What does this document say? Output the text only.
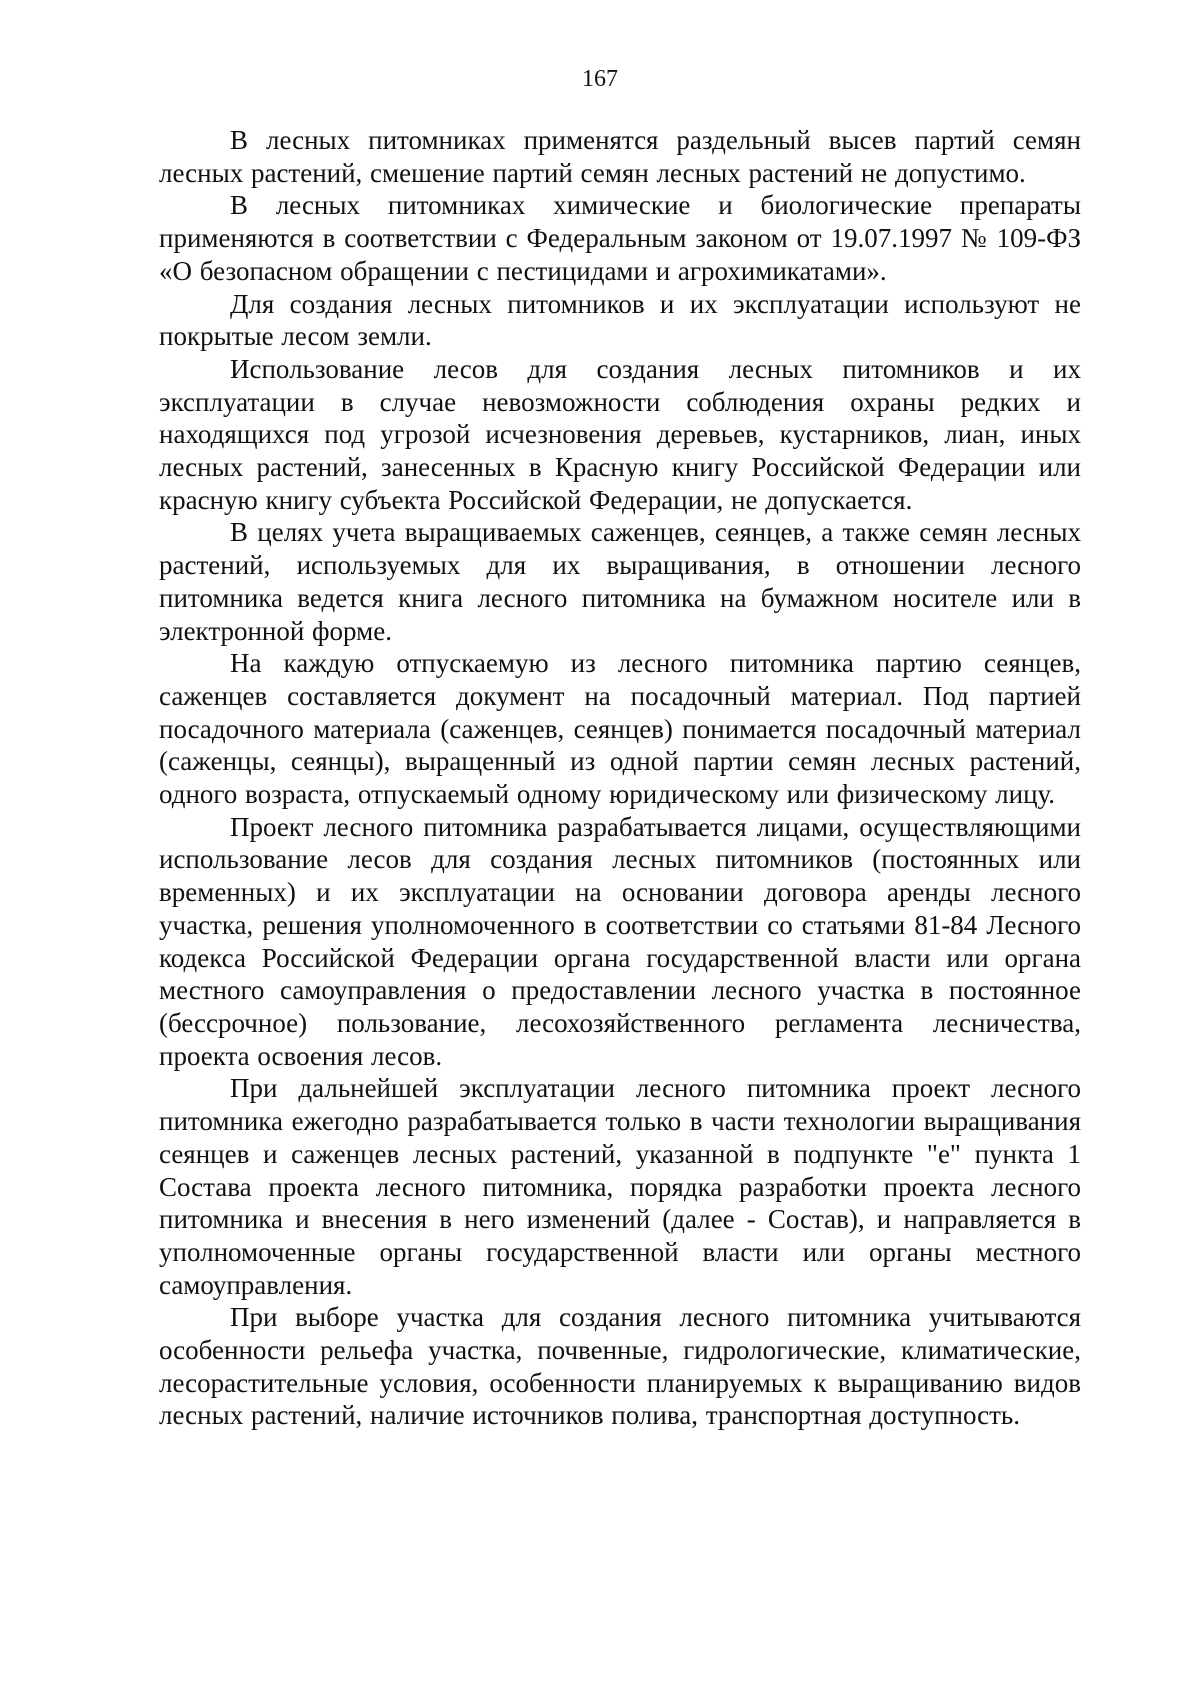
167

В лесных питомниках применятся раздельный высев партий семян лесных растений, смешение партий семян лесных растений не допустимо.

В лесных питомниках химические и биологические препараты применяются в соответствии с Федеральным законом от 19.07.1997 № 109-ФЗ «О безопасном обращении с пестицидами и агрохимикатами».

Для создания лесных питомников и их эксплуатации используют не покрытые лесом земли.

Использование лесов для создания лесных питомников и их эксплуатации в случае невозможности соблюдения охраны редких и находящихся под угрозой исчезновения деревьев, кустарников, лиан, иных лесных растений, занесенных в Красную книгу Российской Федерации или красную книгу субъекта Российской Федерации, не допускается.

В целях учета выращиваемых саженцев, сеянцев, а также семян лесных растений, используемых для их выращивания, в отношении лесного питомника ведется книга лесного питомника на бумажном носителе или в электронной форме.

На каждую отпускаемую из лесного питомника партию сеянцев, саженцев составляется документ на посадочный материал. Под партией посадочного материала (саженцев, сеянцев) понимается посадочный материал (саженцы, сеянцы), выращенный из одной партии семян лесных растений, одного возраста, отпускаемый одному юридическому или физическому лицу.

Проект лесного питомника разрабатывается лицами, осуществляющими использование лесов для создания лесных питомников (постоянных или временных) и их эксплуатации на основании договора аренды лесного участка, решения уполномоченного в соответствии со статьями 81-84 Лесного кодекса Российской Федерации органа государственной власти или органа местного самоуправления о предоставлении лесного участка в постоянное (бессрочное) пользование, лесохозяйственного регламента лесничества, проекта освоения лесов.

При дальнейшей эксплуатации лесного питомника проект лесного питомника ежегодно разрабатывается только в части технологии выращивания сеянцев и саженцев лесных растений, указанной в подпункте "е" пункта 1 Состава проекта лесного питомника, порядка разработки проекта лесного питомника и внесения в него изменений (далее - Состав), и направляется в уполномоченные органы государственной власти или органы местного самоуправления.

При выборе участка для создания лесного питомника учитываются особенности рельефа участка, почвенные, гидрологические, климатические, лесорастительные условия, особенности планируемых к выращиванию видов лесных растений, наличие источников полива, транспортная доступность.
